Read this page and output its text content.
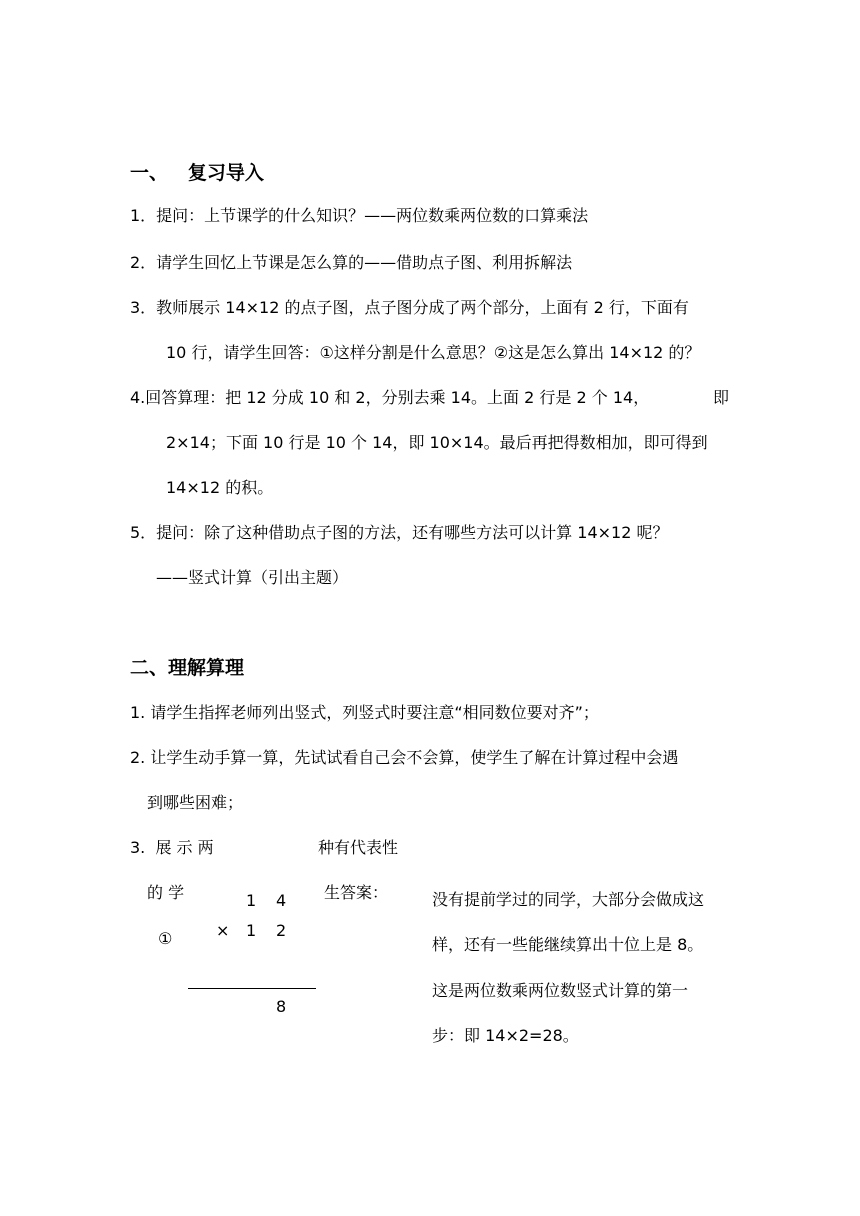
一、   复习导入
1．提问：上节课学的什么知识？——两位数乘两位数的口算乘法
2．请学生回忆上节课是怎么算的——借助点子图、利用拆解法
3．教师展示 14×12 的点子图，点子图分成了两个部分，上面有 2 行，下面有
10 行，请学生回答：①这样分割是什么意思？②这是怎么算出 14×12 的？
4.回答算理：把 12 分成 10 和 2，分别去乘 14。上面 2 行是 2 个 14，	即
2×14；下面 10 行是 10 个 14，即 10×14。最后再把得数相加，即可得到
14×12 的积。
5．提问：除了这种借助点子图的方法，还有哪些方法可以计算 14×12 呢？
——竖式计算（引出主题）
二、理解算理
1. 请学生指挥老师列出竖式，列竖式时要注意“相同数位要对齐”；
2. 让学生动手算一算，先试试看自己会不会算，使学生了解在计算过程中会遇
到哪些困难；
3.  展 示 两	种有代表性
的 学	生答案：
①
1 4
× 1 2
8
没有提前学过的同学，大部分会做成这
样，还有一些能继续算出十位上是 8。
这是两位数乘两位数竖式计算的第一
步：即 14×2=28。
